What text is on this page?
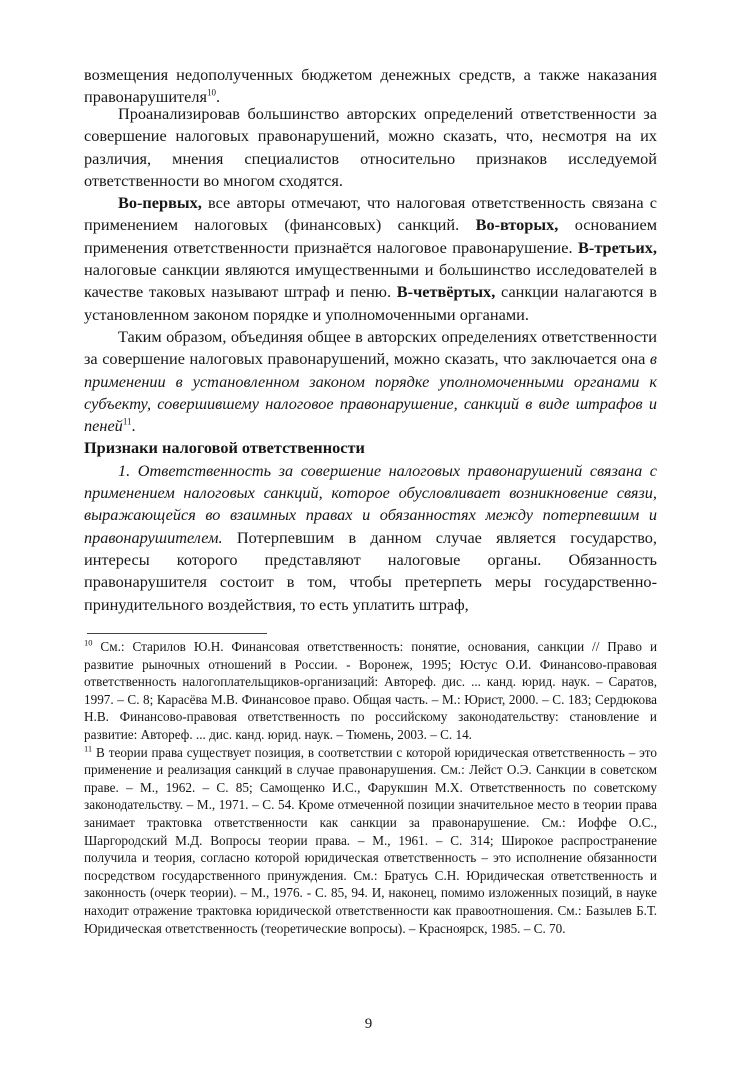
возмещения недополученных бюджетом денежных средств, а также наказания правонарушителя$^{10}$.

Проанализировав большинство авторских определений ответственности за совершение налоговых правонарушений, можно сказать, что, несмотря на их различия, мнения специалистов относительно признаков исследуемой ответственности во многом сходятся.

Во-первых, все авторы отмечают, что налоговая ответственность связана с применением налоговых (финансовых) санкций. Во-вторых, основанием применения ответственности признаётся налоговое правонарушение. В-третьих, налоговые санкции являются имущественными и большинство исследователей в качестве таковых называют штраф и пеню. В-четвёртых, санкции налагаются в установленном законом порядке и уполномоченными органами.

Таким образом, объединяя общее в авторских определениях ответственности за совершение налоговых правонарушений, можно сказать, что заключается она в применении в установленном законом порядке уполномоченными органами к субъекту, совершившему налоговое правонарушение, санкций в виде штрафов и пеней$^{11}$.

Признаки налоговой ответственности

1. Ответственность за совершение налоговых правонарушений связана с применением налоговых санкций, которое обусловливает возникновение связи, выражающейся во взаимных правах и обязанностях между потерпевшим и правонарушителем. Потерпевшим в данном случае является государство, интересы которого представляют налоговые органы. Обязанность правонарушителя состоит в том, чтобы претерпеть меры государственно-принудительного воздействия, то есть уплатить штраф,

$^{10}$ См.: Старилов Ю.Н. Финансовая ответственность: понятие, основания, санкции // Право и развитие рыночных отношений в России. - Воронеж, 1995; Юстус О.И. Финансово-правовая ответственность налогоплательщиков-организаций: Автореф. дис. ... канд. юрид. наук. – Саратов, 1997. – С. 8; Карасёва М.В. Финансовое право. Общая часть. – М.: Юрист, 2000. – С. 183; Сердюкова Н.В. Финансово-правовая ответственность по российскому законодательству: становление и развитие: Автореф. ... дис. канд. юрид. наук. – Тюмень, 2003. – С. 14.

$^{11}$ В теории права существует позиция, в соответствии с которой юридическая ответственность – это применение и реализация санкций в случае правонарушения. См.: Лейст О.Э. Санкции в советском праве. – М., 1962. – С. 85; Самощенко И.С., Фарукшин М.Х. Ответственность по советскому законодательству. – М., 1971. – С. 54. Кроме отмеченной позиции значительное место в теории права занимает трактовка ответственности как санкции за правонарушение. См.: Иоффе О.С., Шаргородский М.Д. Вопросы теории права. – М., 1961. – С. 314; Широкое распространение получила и теория, согласно которой юридическая ответственность – это исполнение обязанности посредством государственного принуждения. См.: Братусь С.Н. Юридическая ответственность и законность (очерк теории). – М., 1976. - С. 85, 94. И, наконец, помимо изложенных позиций, в науке находит отражение трактовка юридической ответственности как правоотношения. См.: Базылев Б.Т. Юридическая ответственность (теоретические вопросы). – Красноярск, 1985. – С. 70.

9
